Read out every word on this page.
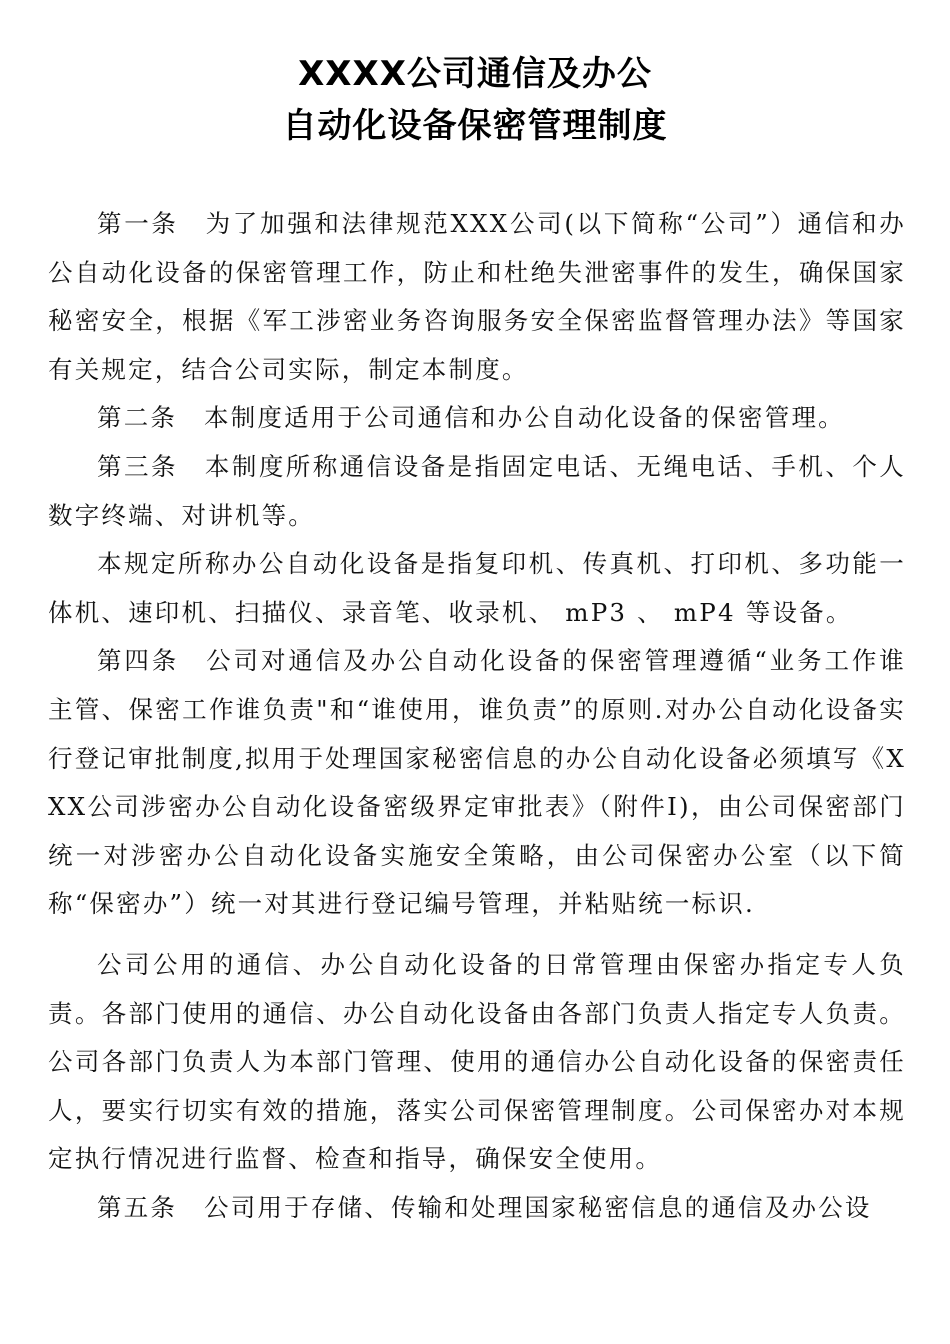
XXXX公司通信及办公
自动化设备保密管理制度

第一条 为了加强和法律规范XXX公司(以下简称“公司”）通信和办公自动化设备的保密管理工作，防止和杜绝失泄密事件的发生，确保国家秘密安全，根据《军工涉密业务咨询服务安全保密监督管理办法》等国家有关规定，结合公司实际，制定本制度。

第二条 本制度适用于公司通信和办公自动化设备的保密管理。

第三条 本制度所称通信设备是指固定电话、无绳电话、手机、个人数字终端、对讲机等。

本规定所称办公自动化设备是指复印机、传真机、打印机、多功能一体机、速印机、扫描仪、录音笔、收录机、 mP3 、 mP4 等设备。

第四条 公司对通信及办公自动化设备的保密管理遵循“业务工作谁主管、保密工作谁负责"和“谁使用，谁负责”的原则.对办公自动化设备实行登记审批制度,拟用于处理国家秘密信息的办公自动化设备必须填写《XXX公司涉密办公自动化设备密级界定审批表》（附件I)，由公司保密部门统一对涉密办公自动化设备实施安全策略，由公司保密办公室（以下简称“保密办”）统一对其进行登记编号管理，并粘贴统一标识.

公司公用的通信、办公自动化设备的日常管理由保密办指定专人负责。各部门使用的通信、办公自动化设备由各部门负责人指定专人负责。公司各部门负责人为本部门管理、使用的通信办公自动化设备的保密责任人，要实行切实有效的措施，落实公司保密管理制度。公司保密办对本规定执行情况进行监督、检查和指导，确保安全使用。

第五条 公司用于存储、传输和处理国家秘密信息的通信及办公设
